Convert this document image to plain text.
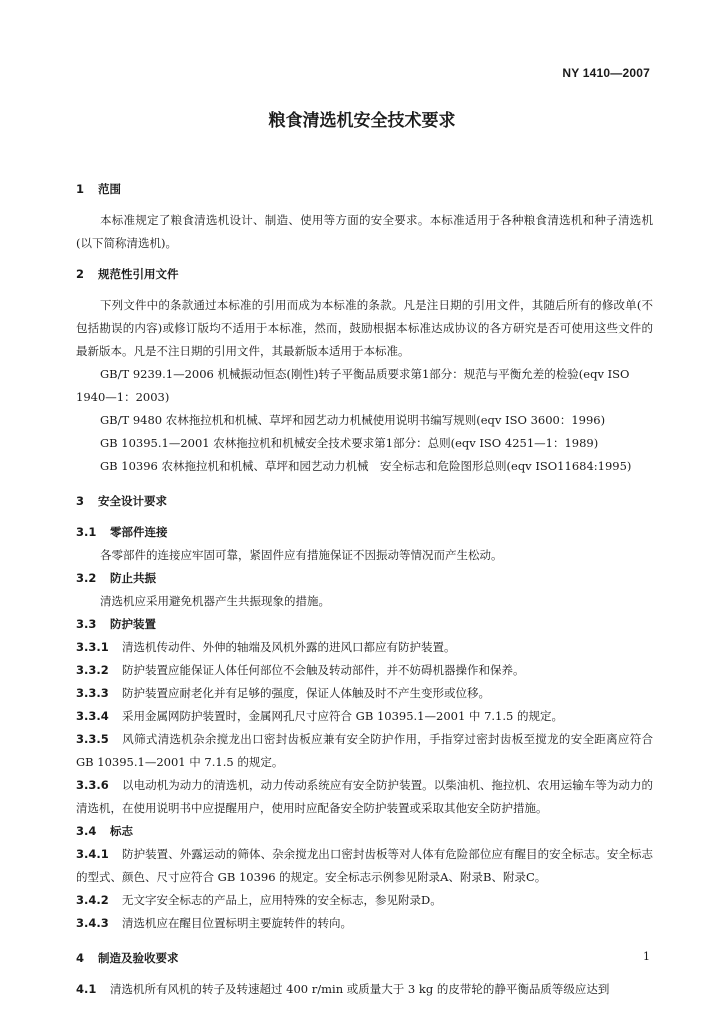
NY 1410—2007
粮食清选机安全技术要求
1 范围

本标准规定了粮食清选机设计、制造、使用等方面的安全要求。本标准适用于各种粮食清选机和种子清选机(以下简称清选机)。

2 规范性引用文件

下列文件中的条款通过本标准的引用而成为本标准的条款。凡是注日期的引用文件，其随后所有的修改单(不包括勘误的内容)或修订版均不适用于本标准，然而，鼓励根据本标准达成协议的各方研究是否可使用这些文件的最新版本。凡是不注日期的引用文件，其最新版本适用于本标准。

GB/T 9239.1—2006 机械振动恒态(刚性)转子平衡品质要求第1部分：规范与平衡允差的检验(eqv ISO 1940—1：2003)

GB/T 9480 农林拖拉机和机械、草坪和园艺动力机械使用说明书编写规则(eqv ISO 3600：1996)

GB 10395.1—2001 农林拖拉机和机械安全技术要求第1部分：总则(eqv ISO 4251—1：1989)

GB 10396 农林拖拉机和机械、草坪和园艺动力机械　安全标志和危险图形总则(eqv ISO11684:1995)

3 安全设计要求
3.1 零部件连接

各零部件的连接应牢固可靠，紧固件应有措施保证不因振动等情况而产生松动。

3.2 防止共振

清选机应采用避免机器产生共振现象的措施。

3.3 防护装置

3.3.1 清选机传动件、外伸的轴端及风机外露的进风口都应有防护装置。

3.3.2 防护装置应能保证人体任何部位不会触及转动部件，并不妨碍机器操作和保养。

3.3.3 防护装置应耐老化并有足够的强度，保证人体触及时不产生变形或位移。

3.3.4 采用金属网防护装置时，金属网孔尺寸应符合 GB 10395.1—2001 中 7.1.5 的规定。

3.3.5 风筛式清选机杂余搅龙出口密封齿板应兼有安全防护作用，手指穿过密封齿板至搅龙的安全距离应符合 GB 10395.1—2001 中 7.1.5 的规定。

3.3.6 以电动机为动力的清选机，动力传动系统应有安全防护装置。以柴油机、拖拉机、农用运输车等为动力的清选机，在使用说明书中应提醒用户，使用时应配备安全防护装置或采取其他安全防护措施。

3.4 标志

3.4.1 防护装置、外露运动的筛体、杂余搅龙出口密封齿板等对人体有危险部位应有醒目的安全标志。安全标志的型式、颜色、尺寸应符合 GB 10396 的规定。安全标志示例参见附录A、附录B、附录C。

3.4.2 无文字安全标志的产品上，应用特殊的安全标志，参见附录D。

3.4.3 清选机应在醒目位置标明主要旋转件的转向。

4 制造及验收要求

4.1 清选机所有风机的转子及转速超过 400 r/min 或质量大于 3 kg 的皮带轮的静平衡品质等级应达到

1
